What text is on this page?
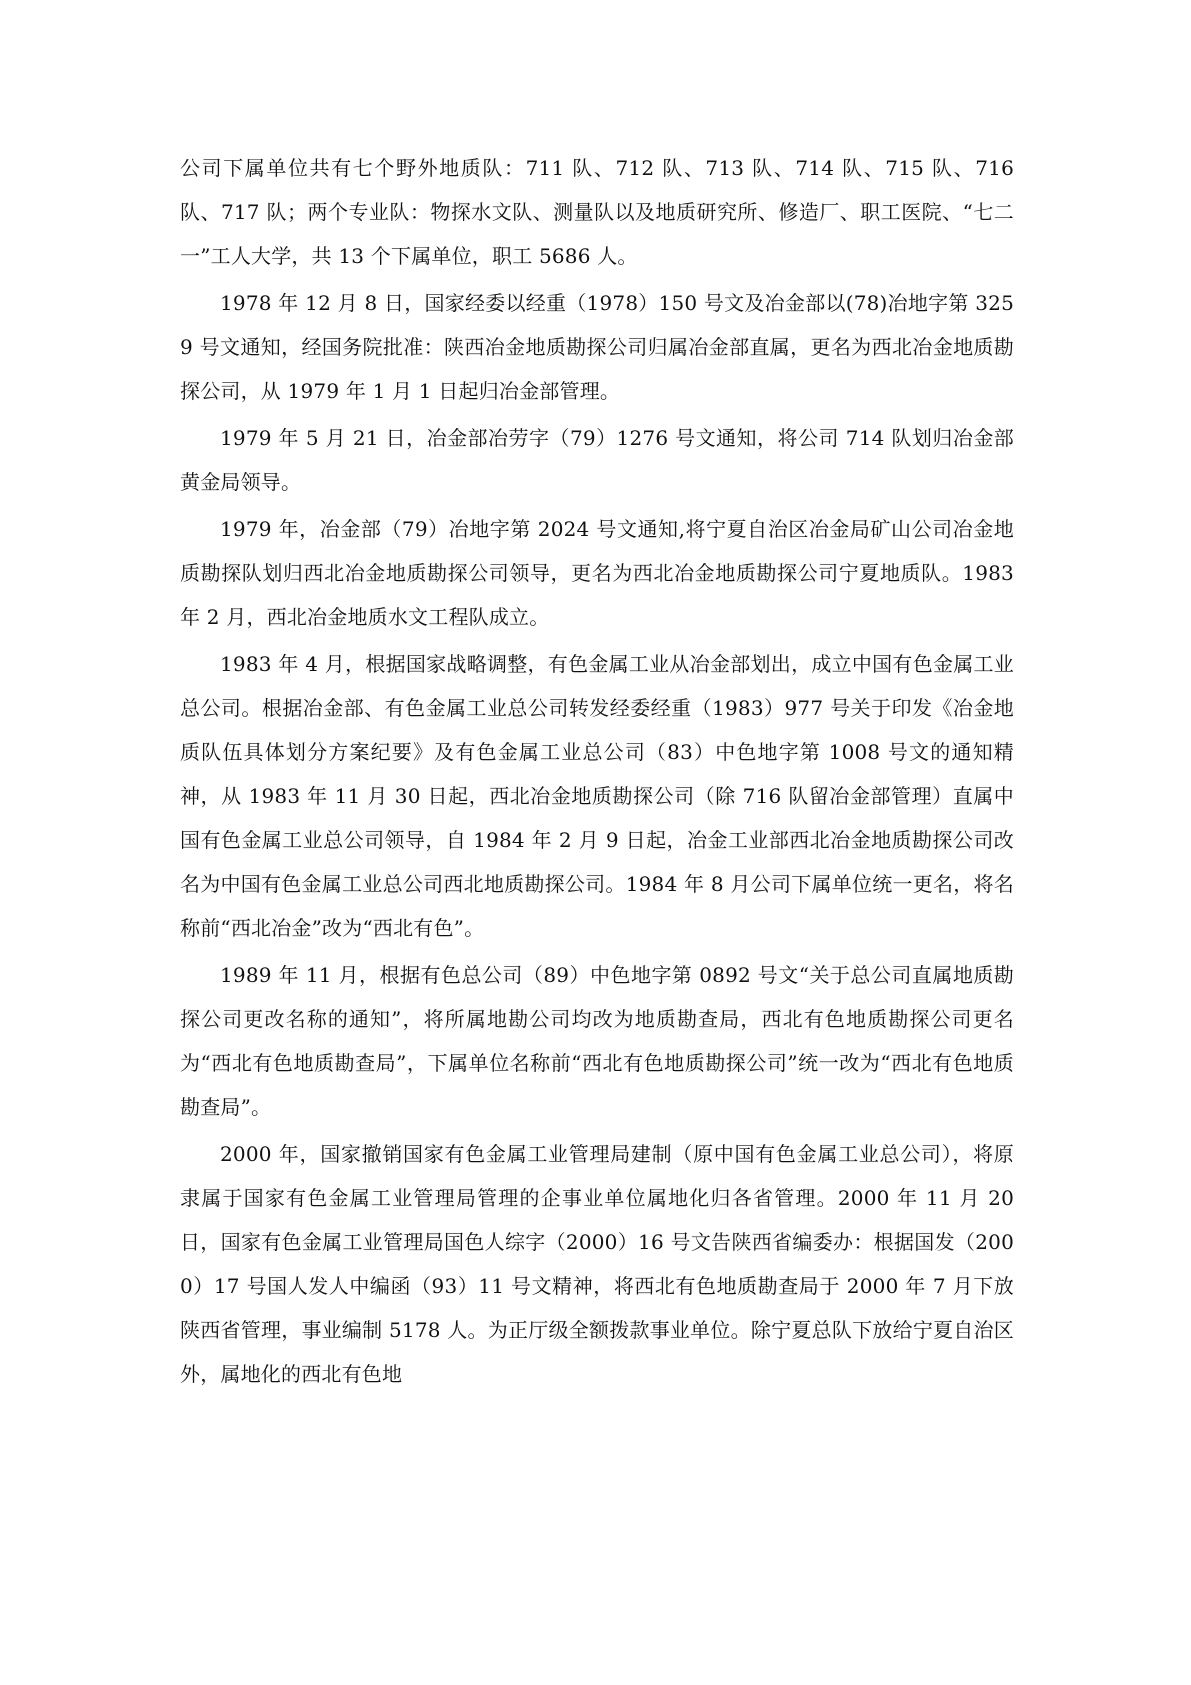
公司下属单位共有七个野外地质队：711 队、712 队、713 队、714 队、715 队、716 队、717 队；两个专业队：物探水文队、测量队以及地质研究所、修造厂、职工医院、“七二一”工人大学，共 13 个下属单位，职工 5686 人。

1978 年 12 月 8 日，国家经委以经重（1978）150 号文及冶金部以(78)冶地字第 3259 号文通知，经国务院批准：陕西冶金地质勘探公司归属冶金部直属，更名为西北冶金地质勘探公司，从 1979 年 1 月 1 日起归冶金部管理。

1979 年 5 月 21 日，冶金部冶劳字（79）1276 号文通知，将公司 714 队划归冶金部黄金局领导。

1979 年，冶金部（79）冶地字第 2024 号文通知,将宁夏自治区冶金局矿山公司冶金地质勘探队划归西北冶金地质勘探公司领导，更名为西北冶金地质勘探公司宁夏地质队。1983 年 2 月，西北冶金地质水文工程队成立。

1983 年 4 月，根据国家战略调整，有色金属工业从冶金部划出，成立中国有色金属工业总公司。根据冶金部、有色金属工业总公司转发经委经重（1983）977 号关于印发《冶金地质队伍具体划分方案纪要》及有色金属工业总公司（83）中色地字第 1008 号文的通知精神，从 1983 年 11 月 30 日起，西北冶金地质勘探公司（除 716 队留冶金部管理）直属中国有色金属工业总公司领导，自 1984 年 2 月 9 日起，冶金工业部西北冶金地质勘探公司改名为中国有色金属工业总公司西北地质勘探公司。1984 年 8 月公司下属单位统一更名，将名称前“西北冶金”改为“西北有色”。

1989 年 11 月，根据有色总公司（89）中色地字第 0892 号文“关于总公司直属地质勘探公司更改名称的通知”，将所属地勘公司均改为地质勘查局，西北有色地质勘探公司更名为“西北有色地质勘查局”，下属单位名称前“西北有色地质勘探公司”统一改为“西北有色地质勘查局”。

2000 年，国家撤销国家有色金属工业管理局建制（原中国有色金属工业总公司），将原隶属于国家有色金属工业管理局管理的企事业单位属地化归各省管理。2000 年 11 月 20 日，国家有色金属工业管理局国色人综字（2000）16 号文告陕西省编委办：根据国发（2000）17 号国人发人中编函（93）11 号文精神，将西北有色地质勘查局于 2000 年 7 月下放陕西省管理，事业编制 5178 人。为正厅级全额拨款事业单位。除宁夏总队下放给宁夏自治区外，属地化的西北有色地
